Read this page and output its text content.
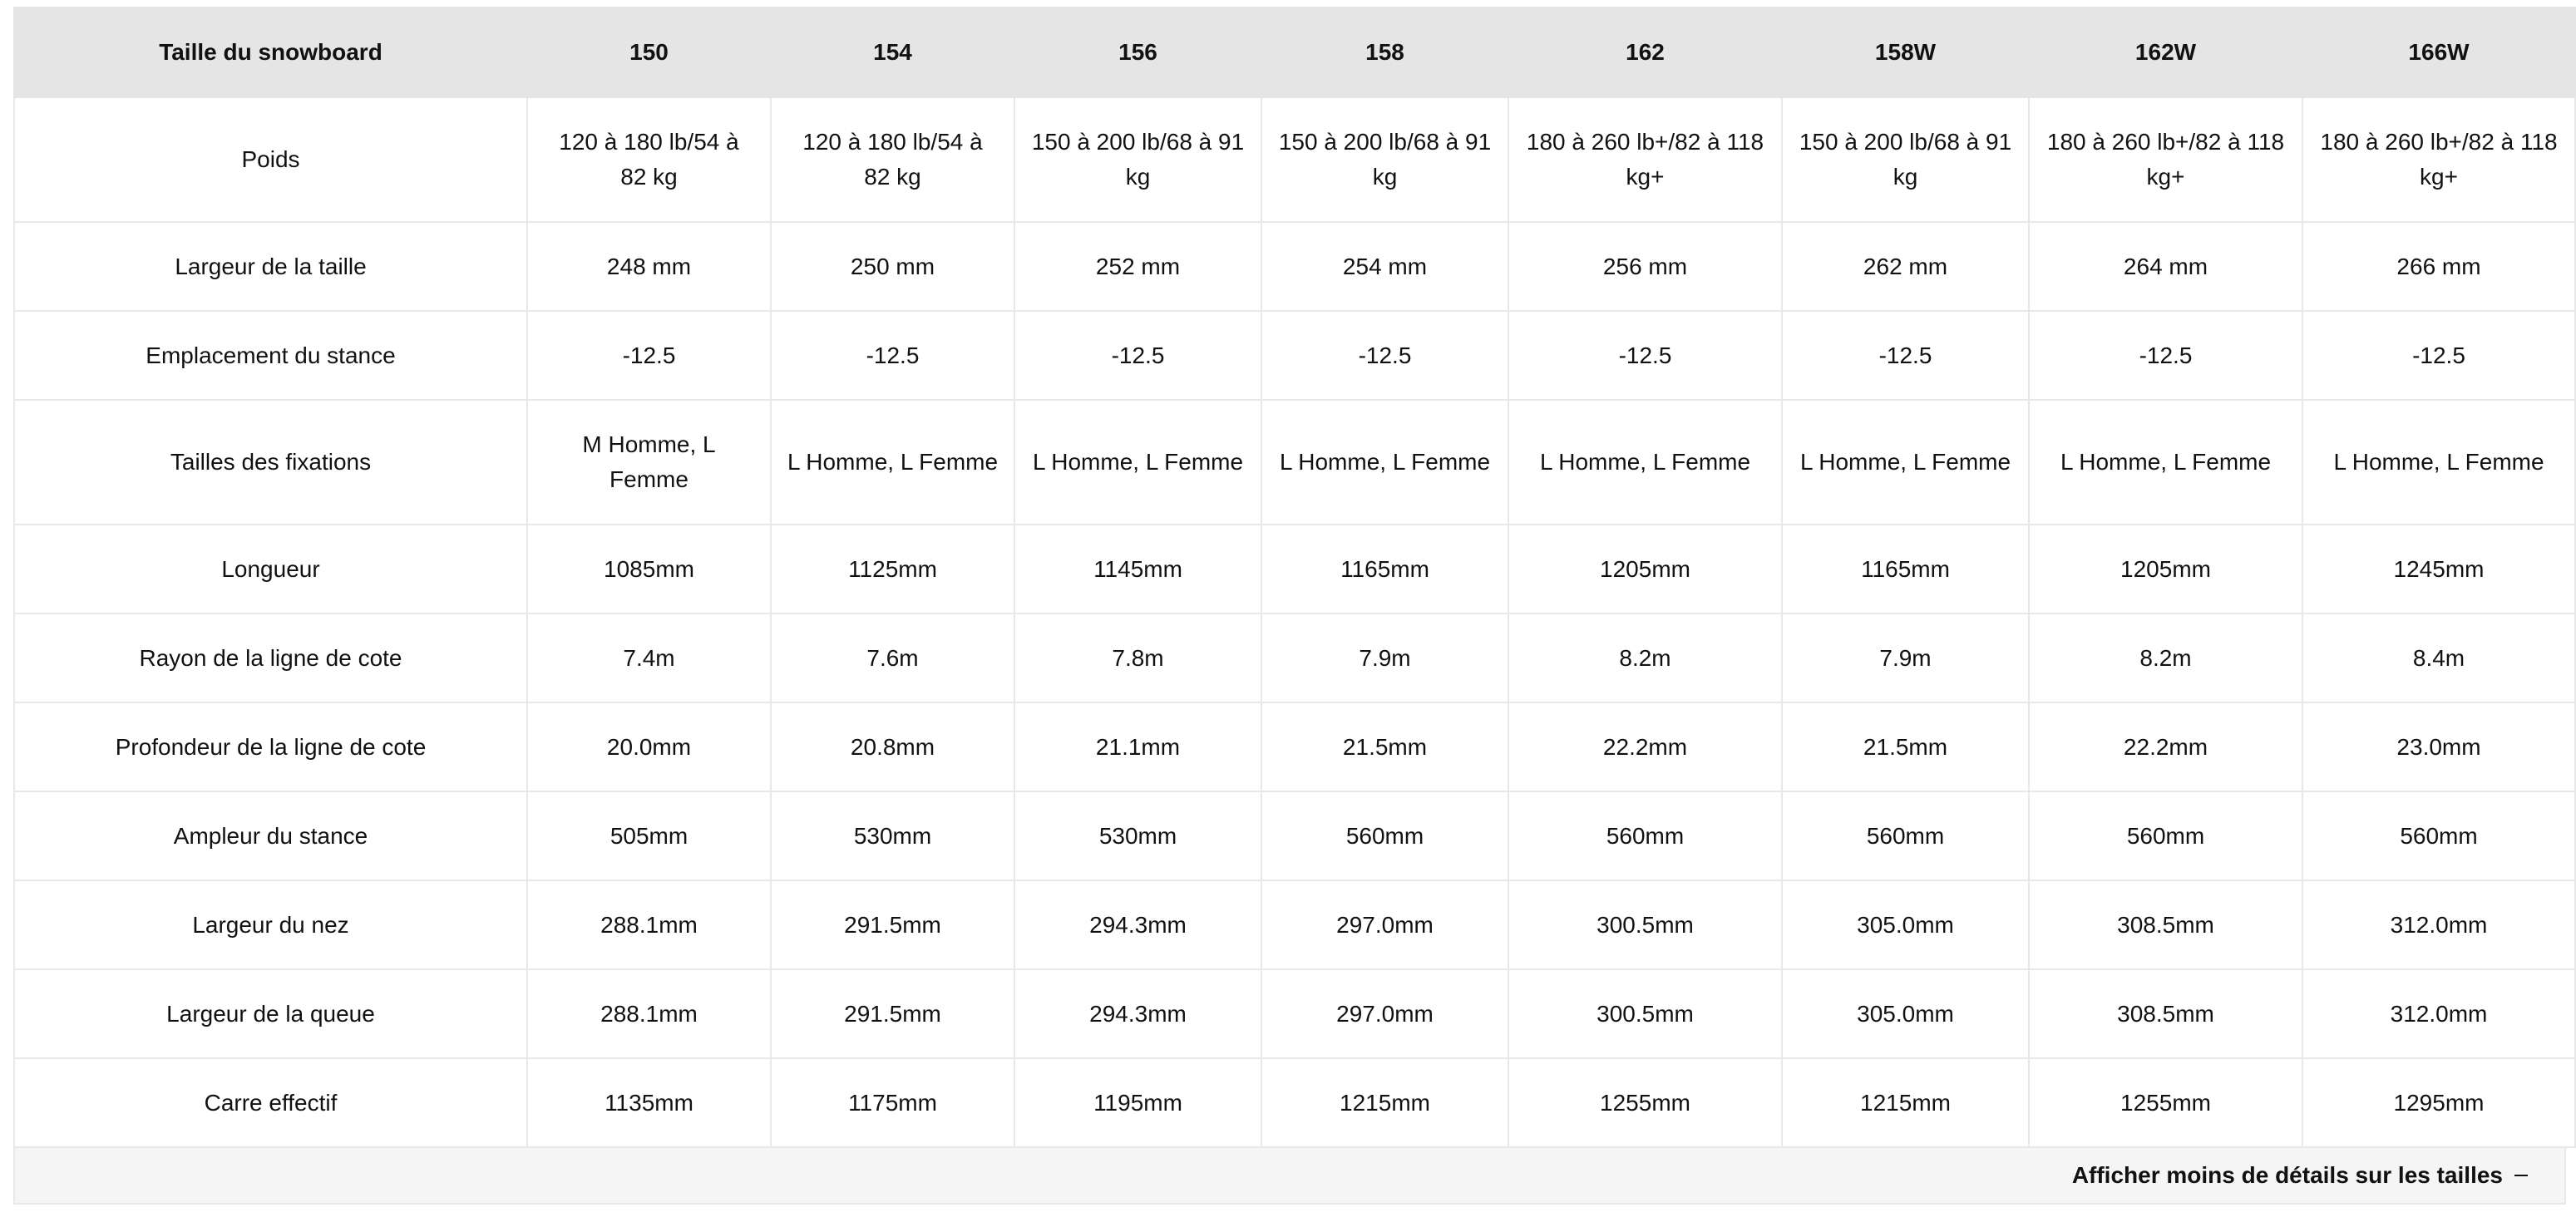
Taille du snowboard	150	154	156	158	162	158W	162W	166W
Poids	120 à 180 lb/54 à 82 kg	120 à 180 lb/54 à 82 kg	150 à 200 lb/68 à 91 kg	150 à 200 lb/68 à 91 kg	180 à 260 lb+/82 à 118 kg+	150 à 200 lb/68 à 91 kg	180 à 260 lb+/82 à 118 kg+	180 à 260 lb+/82 à 118 kg+
Largeur de la taille	248 mm	250 mm	252 mm	254 mm	256 mm	262 mm	264 mm	266 mm
Emplacement du stance	-12.5	-12.5	-12.5	-12.5	-12.5	-12.5	-12.5	-12.5
Tailles des fixations	M Homme, L Femme	L Homme, L Femme	L Homme, L Femme	L Homme, L Femme	L Homme, L Femme	L Homme, L Femme	L Homme, L Femme	L Homme, L Femme
Longueur	1085mm	1125mm	1145mm	1165mm	1205mm	1165mm	1205mm	1245mm
Rayon de la ligne de cote	7.4m	7.6m	7.8m	7.9m	8.2m	7.9m	8.2m	8.4m
Profondeur de la ligne de cote	20.0mm	20.8mm	21.1mm	21.5mm	22.2mm	21.5mm	22.2mm	23.0mm
Ampleur du stance	505mm	530mm	530mm	560mm	560mm	560mm	560mm	560mm
Largeur du nez	288.1mm	291.5mm	294.3mm	297.0mm	300.5mm	305.0mm	308.5mm	312.0mm
Largeur de la queue	288.1mm	291.5mm	294.3mm	297.0mm	300.5mm	305.0mm	308.5mm	312.0mm
Carre effectif	1135mm	1175mm	1195mm	1215mm	1255mm	1215mm	1255mm	1295mm
Afficher moins de détails sur les tailles
